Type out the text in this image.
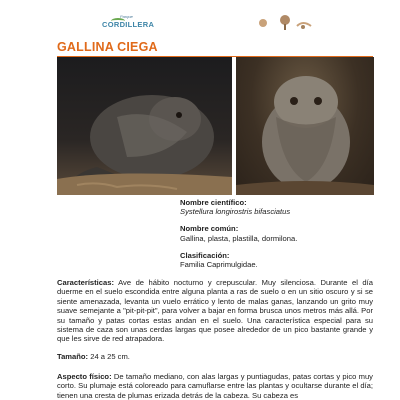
Parque
CORDILLERA
GALLINA CIEGA
Nombre científico:
Systellura longirostris bifasciatus
Nombre común:
Gallina, plasta, plastilla, dormilona.
Clasificación:
Familia Caprimulgidae.
Características: Ave de hábito nocturno y crepuscular. Muy silenciosa. Durante el día duerme en el suelo escondida entre alguna planta a ras de suelo o en un sitio oscuro y si se siente amenazada, levanta un vuelo errático y lento de malas ganas, lanzando un grito muy suave semejante a "pit-pit-pit", para volver a bajar en forma brusca unos metros más allá. Por su tamaño y patas cortas estas andan en el suelo. Una característica especial para su sistema de caza son unas cerdas largas que posee alrededor de un pico bastante grande y que les sirve de red atrapadora.
Tamaño: 24 a 25 cm.
Aspecto físico: De tamaño mediano, con alas largas y puntiagudas, patas cortas y pico muy corto. Su plumaje está coloreado para camuflarse entre las plantas y ocultarse durante el día; tienen una cresta de plumas erizada detrás de la cabeza. Su cabeza es
